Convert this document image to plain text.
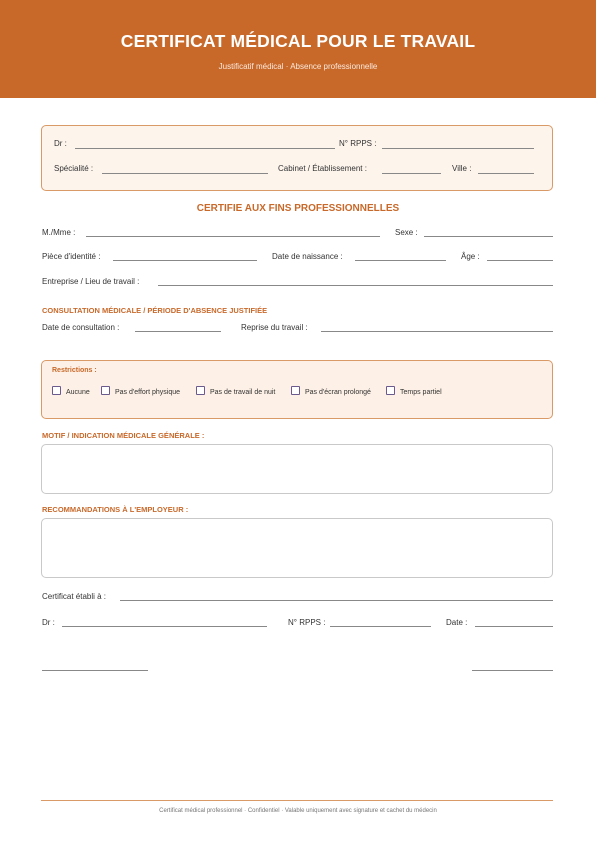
CERTIFICAT MÉDICAL POUR LE TRAVAIL
Justificatif médical · Absence professionnelle
Dr :	N° RPPS :
Spécialité :	Cabinet / Établissement :	Ville :
CERTIFIE AUX FINS PROFESSIONNELLES
M./Mme :	Sexe :
Pièce d'identité :	Date de naissance :	Âge :
Entreprise / Lieu de travail :
CONSULTATION MÉDICALE / PÉRIODE D'ABSENCE JUSTIFIÉE
Date de consultation :	Reprise du travail :
Restrictions :
Aucune	Pas d'effort physique	Pas de travail de nuit	Pas d'écran prolongé	Temps partiel
MOTIF / INDICATION MÉDICALE GÉNÉRALE :
RECOMMANDATIONS À L'EMPLOYEUR :
Certificat établi à :
Dr :	N° RPPS :	Date :
Certificat médical professionnel · Confidentiel · Valable uniquement avec signature et cachet du médecin
